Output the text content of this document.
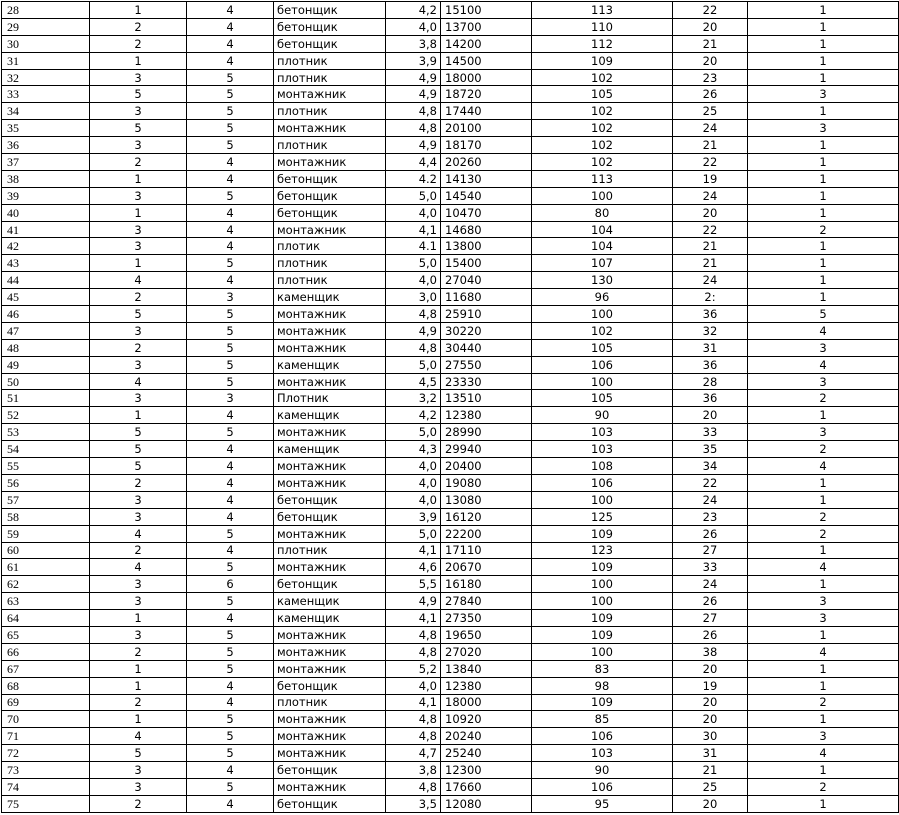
28	1	4	бетонщик	4,2	15100	113	22	1
29	2	4	бетонщик	4,0	13700	110	20	1
30	2	4	бетонщик	3,8	14200	112	21	1
31	1	4	плотник	3,9	14500	109	20	1
32	3	5	плотник	4,9	18000	102	23	1
33	5	5	монтажник	4,9	18720	105	26	3
34	3	5	плотник	4,8	17440	102	25	1
35	5	5	монтажник	4,8	20100	102	24	3
36	3	5	плотник	4,9	18170	102	21	1
37	2	4	монтажник	4,4	20260	102	22	1
38	1	4	бетонщик	4.2	14130	113	19	1
39	3	5	бетонщик	5,0	14540	100	24	1
40	1	4	бетонщик	4,0	10470	80	20	1
41	3	4	монтажник	4,1	14680	104	22	2
42	3	4	плотик	4.1	13800	104	21	1
43	1	5	плотник	5,0	15400	107	21	1
44	4	4	плотник	4,0	27040	130	24	1
45	2	3	каменщик	3,0	11680	96	2:	1
46	5	5	монтажник	4,8	25910	100	36	5
47	3	5	монтажник	4,9	30220	102	32	4
48	2	5	монтажник	4,8	30440	105	31	3
49	3	5	каменщик	5,0	27550	106	36	4
50	4	5	монтажник	4,5	23330	100	28	3
51	3	3	Плотник	3,2	13510	105	36	2
52	1	4	каменщик	4,2	12380	90	20	1
53	5	5	монтажник	5,0	28990	103	33	3
54	5	4	каменщик	4,3	29940	103	35	2
55	5	4	монтажник	4,0	20400	108	34	4
56	2	4	монтажник	4,0	19080	106	22	1
57	3	4	бетонщик	4,0	13080	100	24	1
58	3	4	бетонщик	3,9	16120	125	23	2
59	4	5	монтажник	5,0	22200	109	26	2
60	2	4	плотник	4,1	17110	123	27	1
61	4	5	монтажник	4,6	20670	109	33	4
62	3	6	бетонщик	5,5	16180	100	24	1
63	3	5	каменщик	4,9	27840	100	26	3
64	1	4	каменщик	4,1	27350	109	27	3
65	3	5	монтажник	4,8	19650	109	26	1
66	2	5	монтажник	4,8	27020	100	38	4
67	1	5	монтажник	5,2	13840	83	20	1
68	1	4	бетонщик	4,0	12380	98	19	1
69	2	4	плотник	4,1	18000	109	20	2
70	1	5	монтажник	4,8	10920	85	20	1
71	4	5	монтажник	4,8	20240	106	30	3
72	5	5	монтажник	4,7	25240	103	31	4
73	3	4	бетонщик	3,8	12300	90	21	1
74	3	5	монтажник	4,8	17660	106	25	2
75	2	4	бетонщик	3,5	12080	95	20	1
